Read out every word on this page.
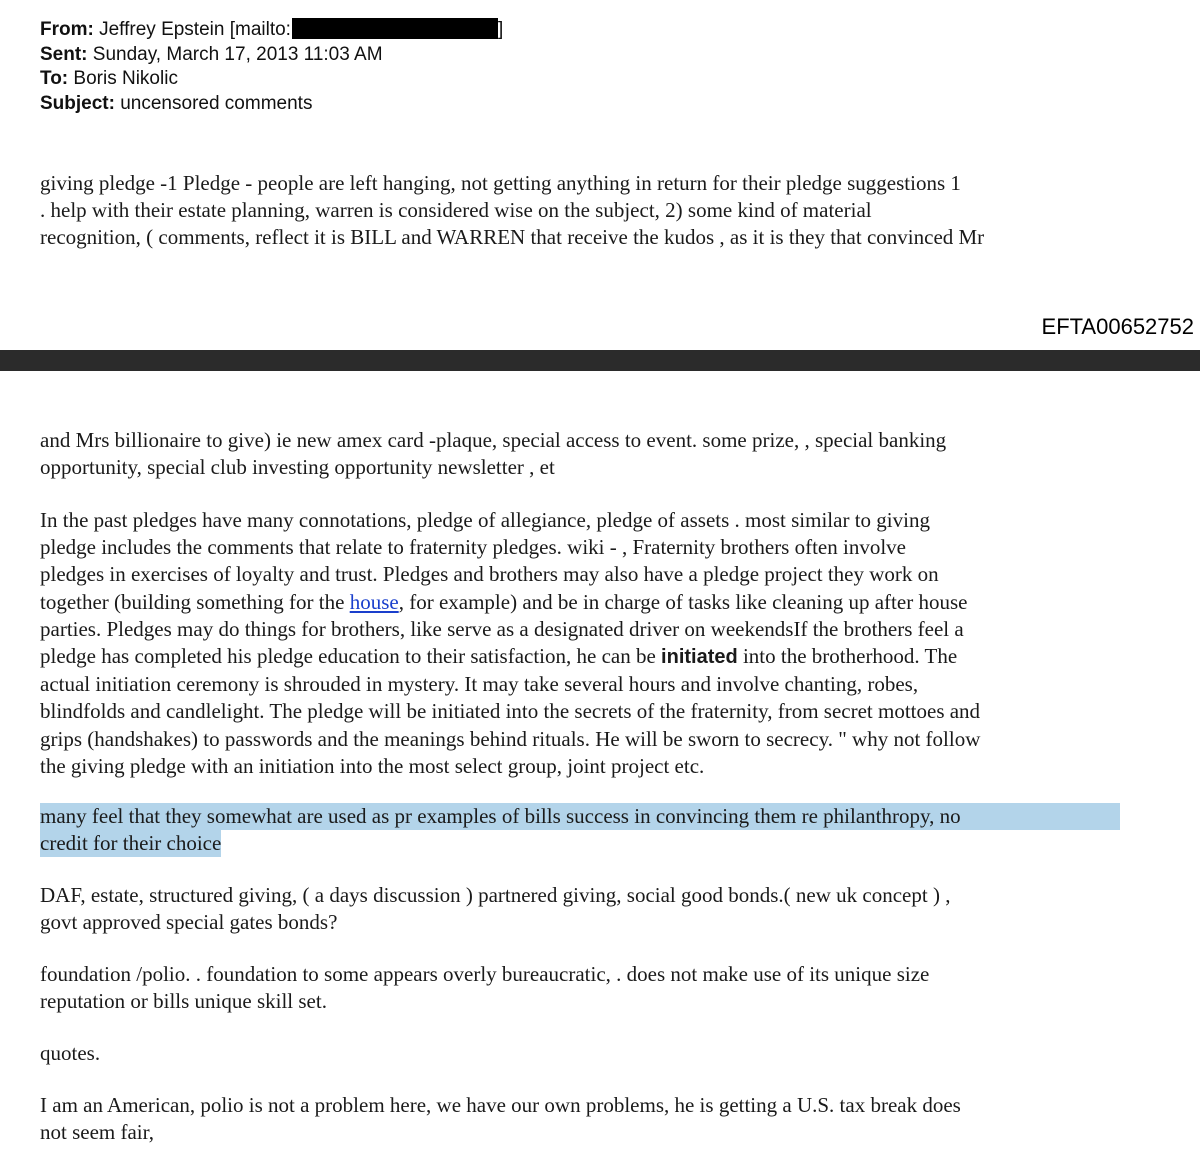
From: Jeffrey Epstein [mailto:	]
Sent: Sunday, March 17, 2013 11:03 AM
To: Boris Nikolic
Subject: uncensored comments

giving pledge -1 Pledge - people are left hanging, not getting anything in return for their pledge suggestions 1

. help with their estate planning, warren is considered wise on the subject, 2) some kind of material

recognition, ( comments, reflect it is BILL and WARREN that receive the kudos , as it is they that convinced Mr

EFTA00652752

and Mrs billionaire to give) ie new amex card -plaque, special access to event. some prize, , special banking

opportunity, special club investing opportunity newsletter , et

In the past pledges have many connotations, pledge of allegiance, pledge of assets . most similar to giving

pledge includes the comments that relate to fraternity pledges. wiki - , Fraternity brothers often involve

pledges in exercises of loyalty and trust. Pledges and brothers may also have a pledge project they work on

together (building something for the house, for example) and be in charge of tasks like cleaning up after house

parties. Pledges may do things for brothers, like serve as a designated driver on weekendsIf the brothers feel a

pledge has completed his pledge education to their satisfaction, he can be initiated into the brotherhood. The

actual initiation ceremony is shrouded in mystery. It may take several hours and involve chanting, robes,

blindfolds and candlelight. The pledge will be initiated into the secrets of the fraternity, from secret mottoes and

grips (handshakes) to passwords and the meanings behind rituals. He will be sworn to secrecy. " why not follow

the giving pledge with an initiation into the most select group, joint project etc.

many feel that they somewhat are used as pr examples of bills success in convincing them re philanthropy, no
credit for their choice

DAF, estate, structured giving, ( a days discussion ) partnered giving, social good bonds.( new uk concept ) ,

govt approved special gates bonds?

foundation /polio. . foundation to some appears overly bureaucratic, . does not make use of its unique size

reputation or bills unique skill set.

quotes.

I am an American, polio is not a problem here, we have our own problems, he is getting a U.S. tax break does

not seem fair,
